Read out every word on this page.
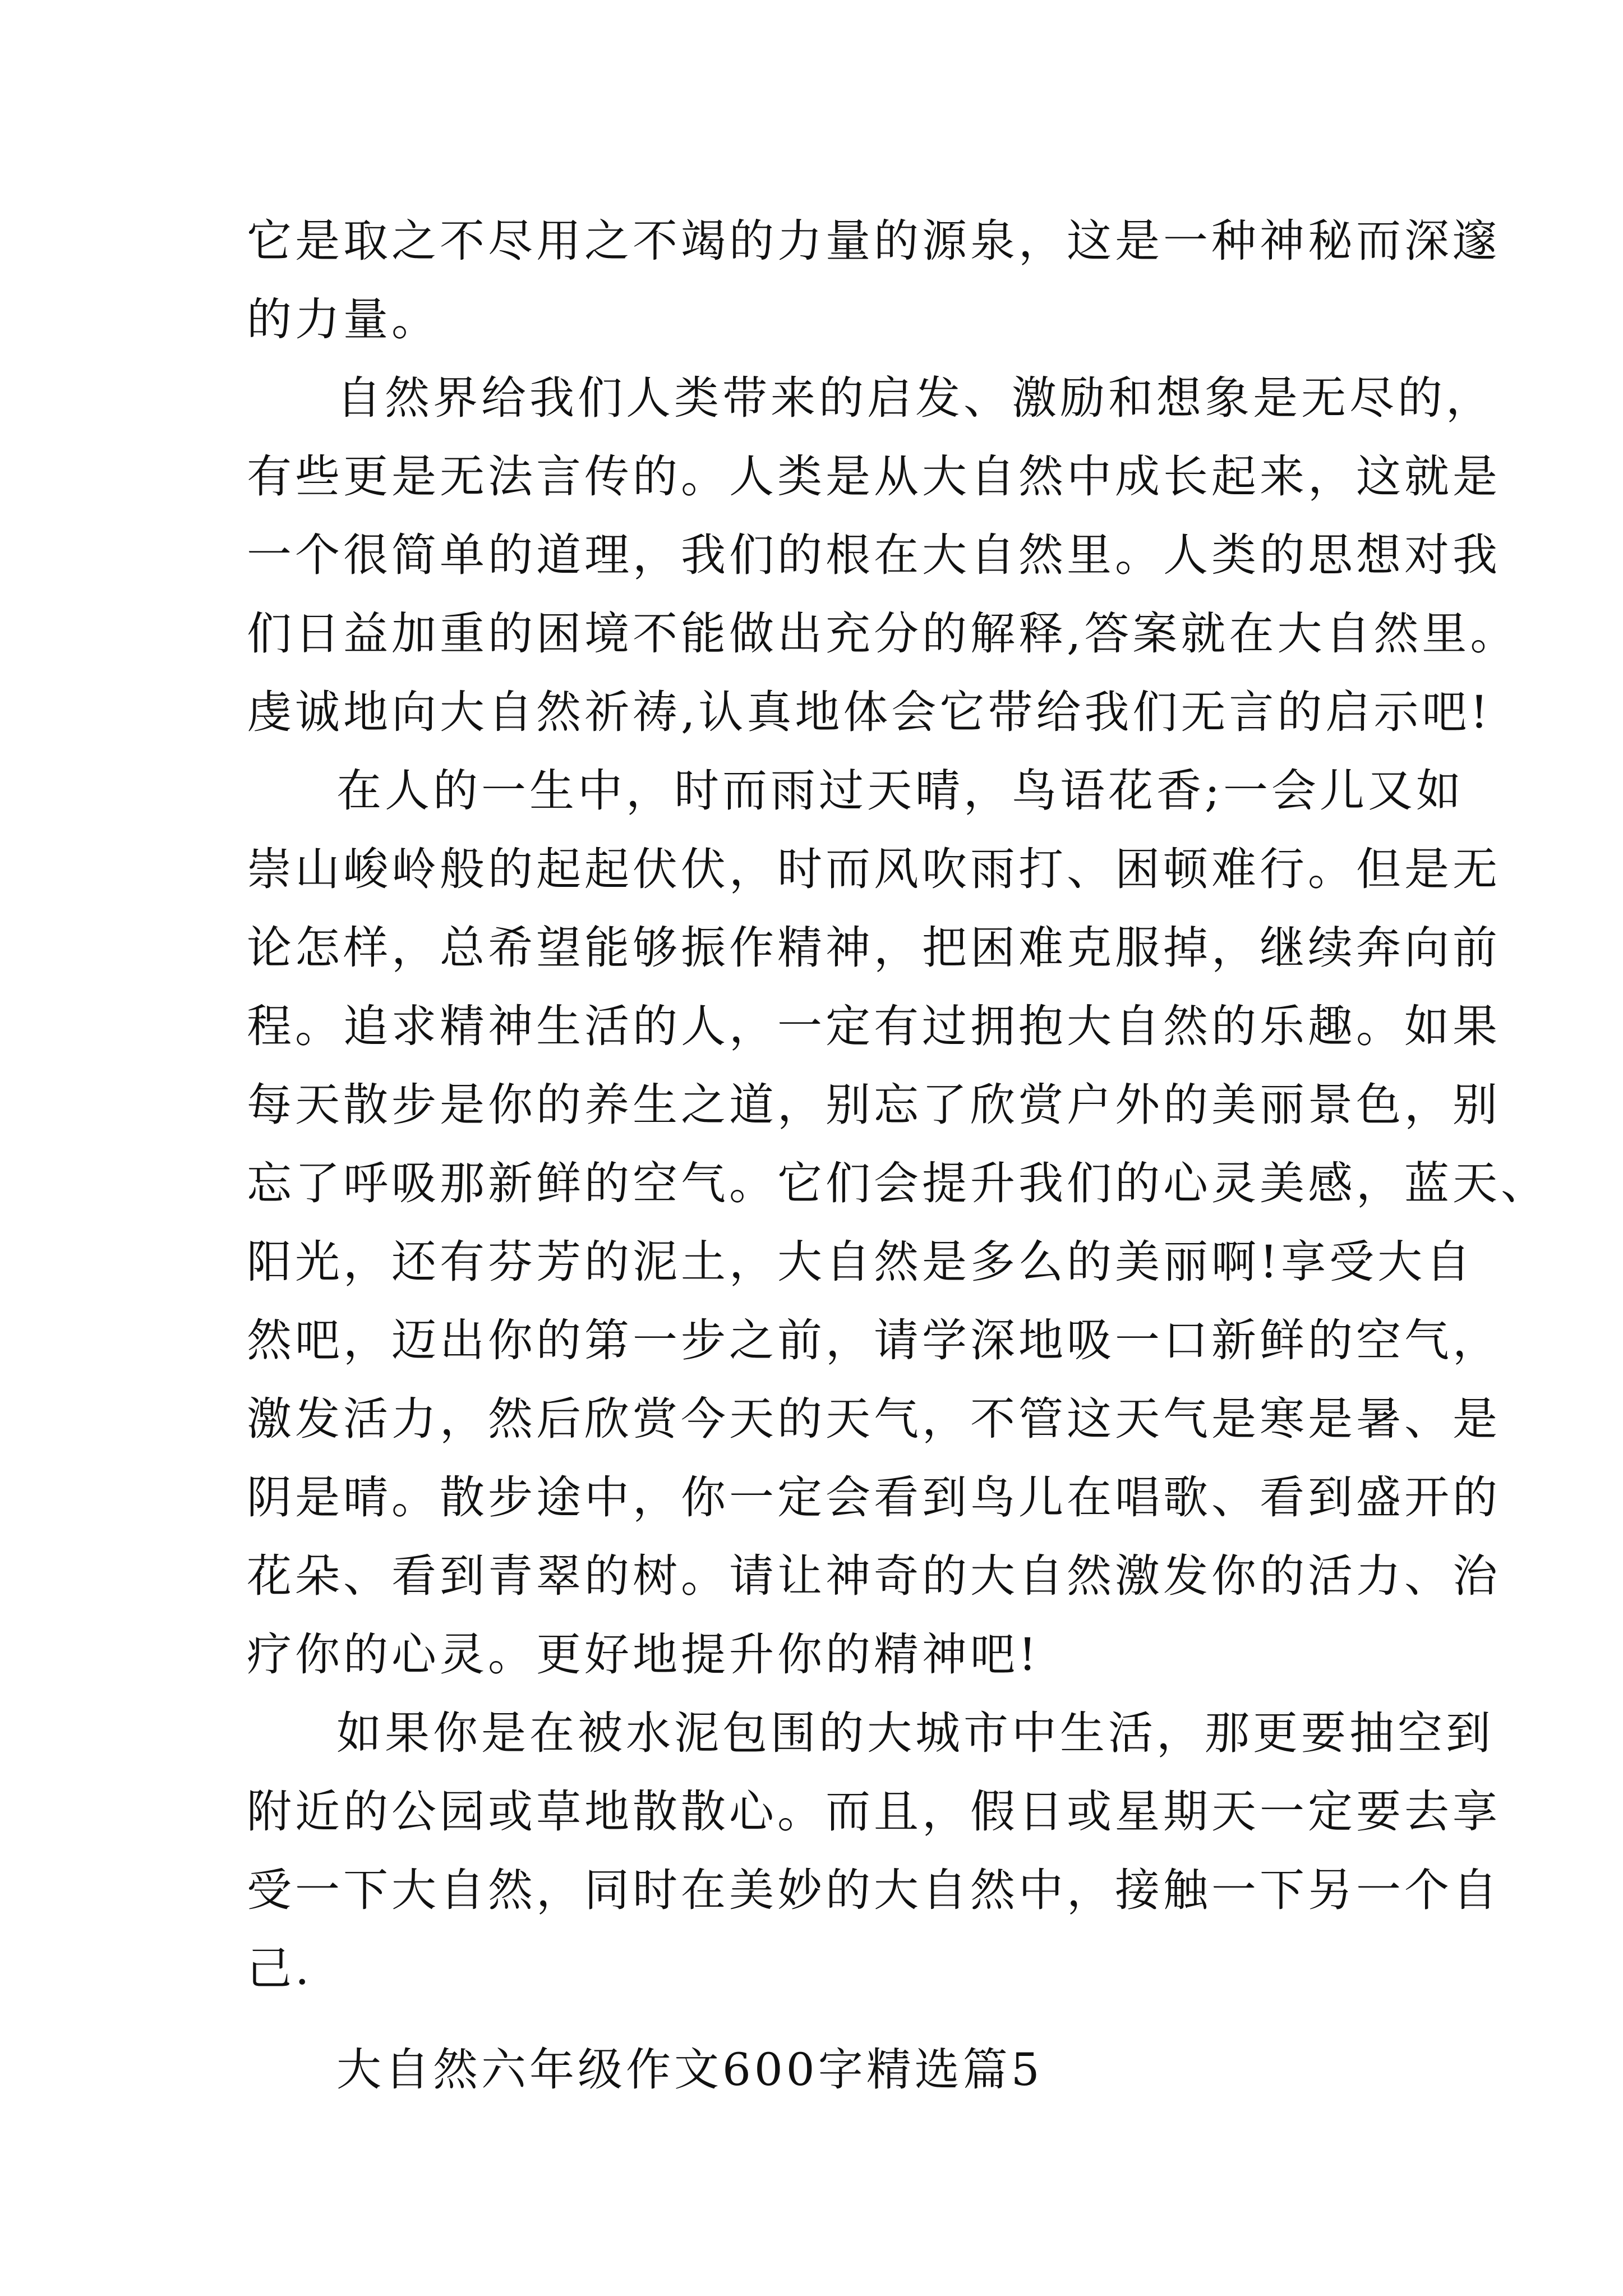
它是取之不尽用之不竭的力量的源泉，这是一种神秘而深邃
的力量。
自然界给我们人类带来的启发、激励和想象是无尽的，
有些更是无法言传的。人类是从大自然中成长起来，这就是
一个很简单的道理，我们的根在大自然里。人类的思想对我
们日益加重的困境不能做出充分的解释,答案就在大自然里。
虔诚地向大自然祈祷,认真地体会它带给我们无言的启示吧!
在人的一生中，时而雨过天晴，鸟语花香;一会儿又如
崇山峻岭般的起起伏伏，时而风吹雨打、困顿难行。但是无
论怎样，总希望能够振作精神，把困难克服掉，继续奔向前
程。追求精神生活的人，一定有过拥抱大自然的乐趣。如果
每天散步是你的养生之道，别忘了欣赏户外的美丽景色，别
忘了呼吸那新鲜的空气。它们会提升我们的心灵美感，蓝天、
阳光，还有芬芳的泥土，大自然是多么的美丽啊!享受大自
然吧，迈出你的第一步之前，请学深地吸一口新鲜的空气，
激发活力，然后欣赏今天的天气，不管这天气是寒是暑、是
阴是晴。散步途中，你一定会看到鸟儿在唱歌、看到盛开的
花朵、看到青翠的树。请让神奇的大自然激发你的活力、治
疗你的心灵。更好地提升你的精神吧!
如果你是在被水泥包围的大城市中生活，那更要抽空到
附近的公园或草地散散心。而且，假日或星期天一定要去享
受一下大自然，同时在美妙的大自然中，接触一下另一个自
己.
大自然六年级作文600字精选篇5
